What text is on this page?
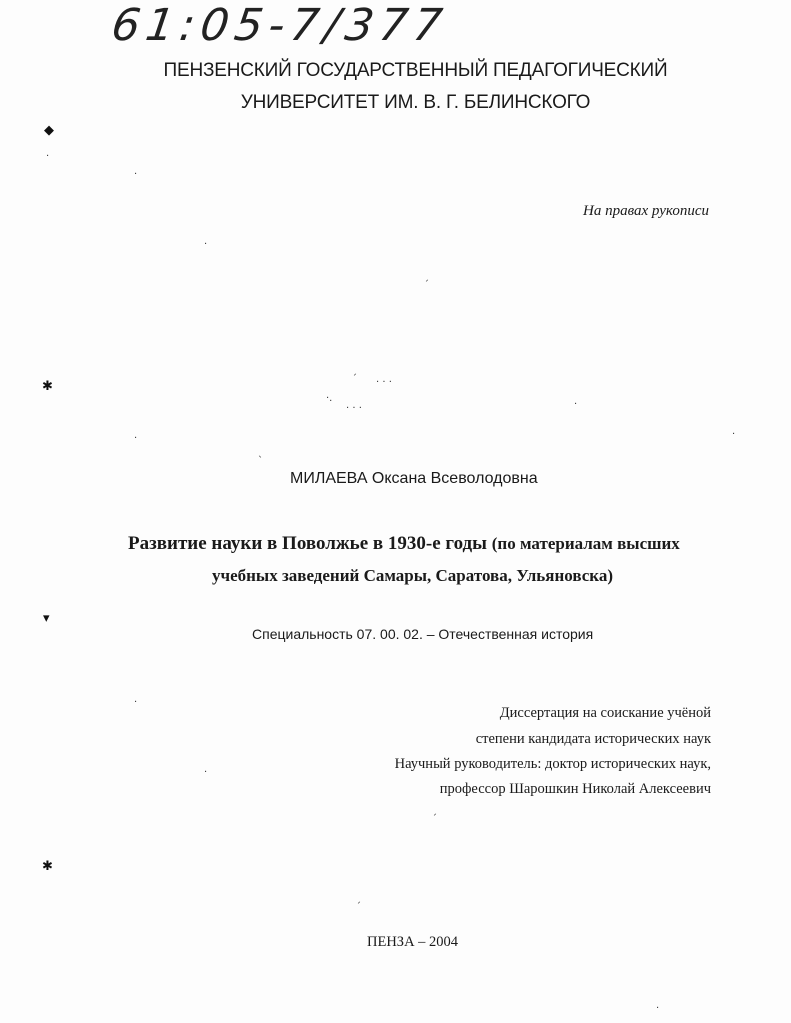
61:05-7/377
ПЕНЗЕНСКИЙ ГОСУДАРСТВЕННЫЙ ПЕДАГОГИЧЕСКИЙ
УНИВЕРСИТЕТ ИМ. В. Г. БЕЛИНСКОГО
На правах рукописи
МИЛАЕВА Оксана Всеволодовна
Развитие науки в Поволжье в 1930-е годы (по материалам высших
учебных заведений Самары, Саратова, Ульяновска)
Специальность 07. 00. 02. – Отечественная история
Диссертация на соискание учёной
степени кандидата исторических наук
Научный руководитель: доктор исторических наук,
профессор Шарошкин Николай Алексеевич
ПЕНЗА – 2004
◆
✱
▾
✱
·
·
·
ˏ
ˏ
· · ·
·.
· · ·	·
·	·
ˎ
·
·
ˏ
ˏ
·
